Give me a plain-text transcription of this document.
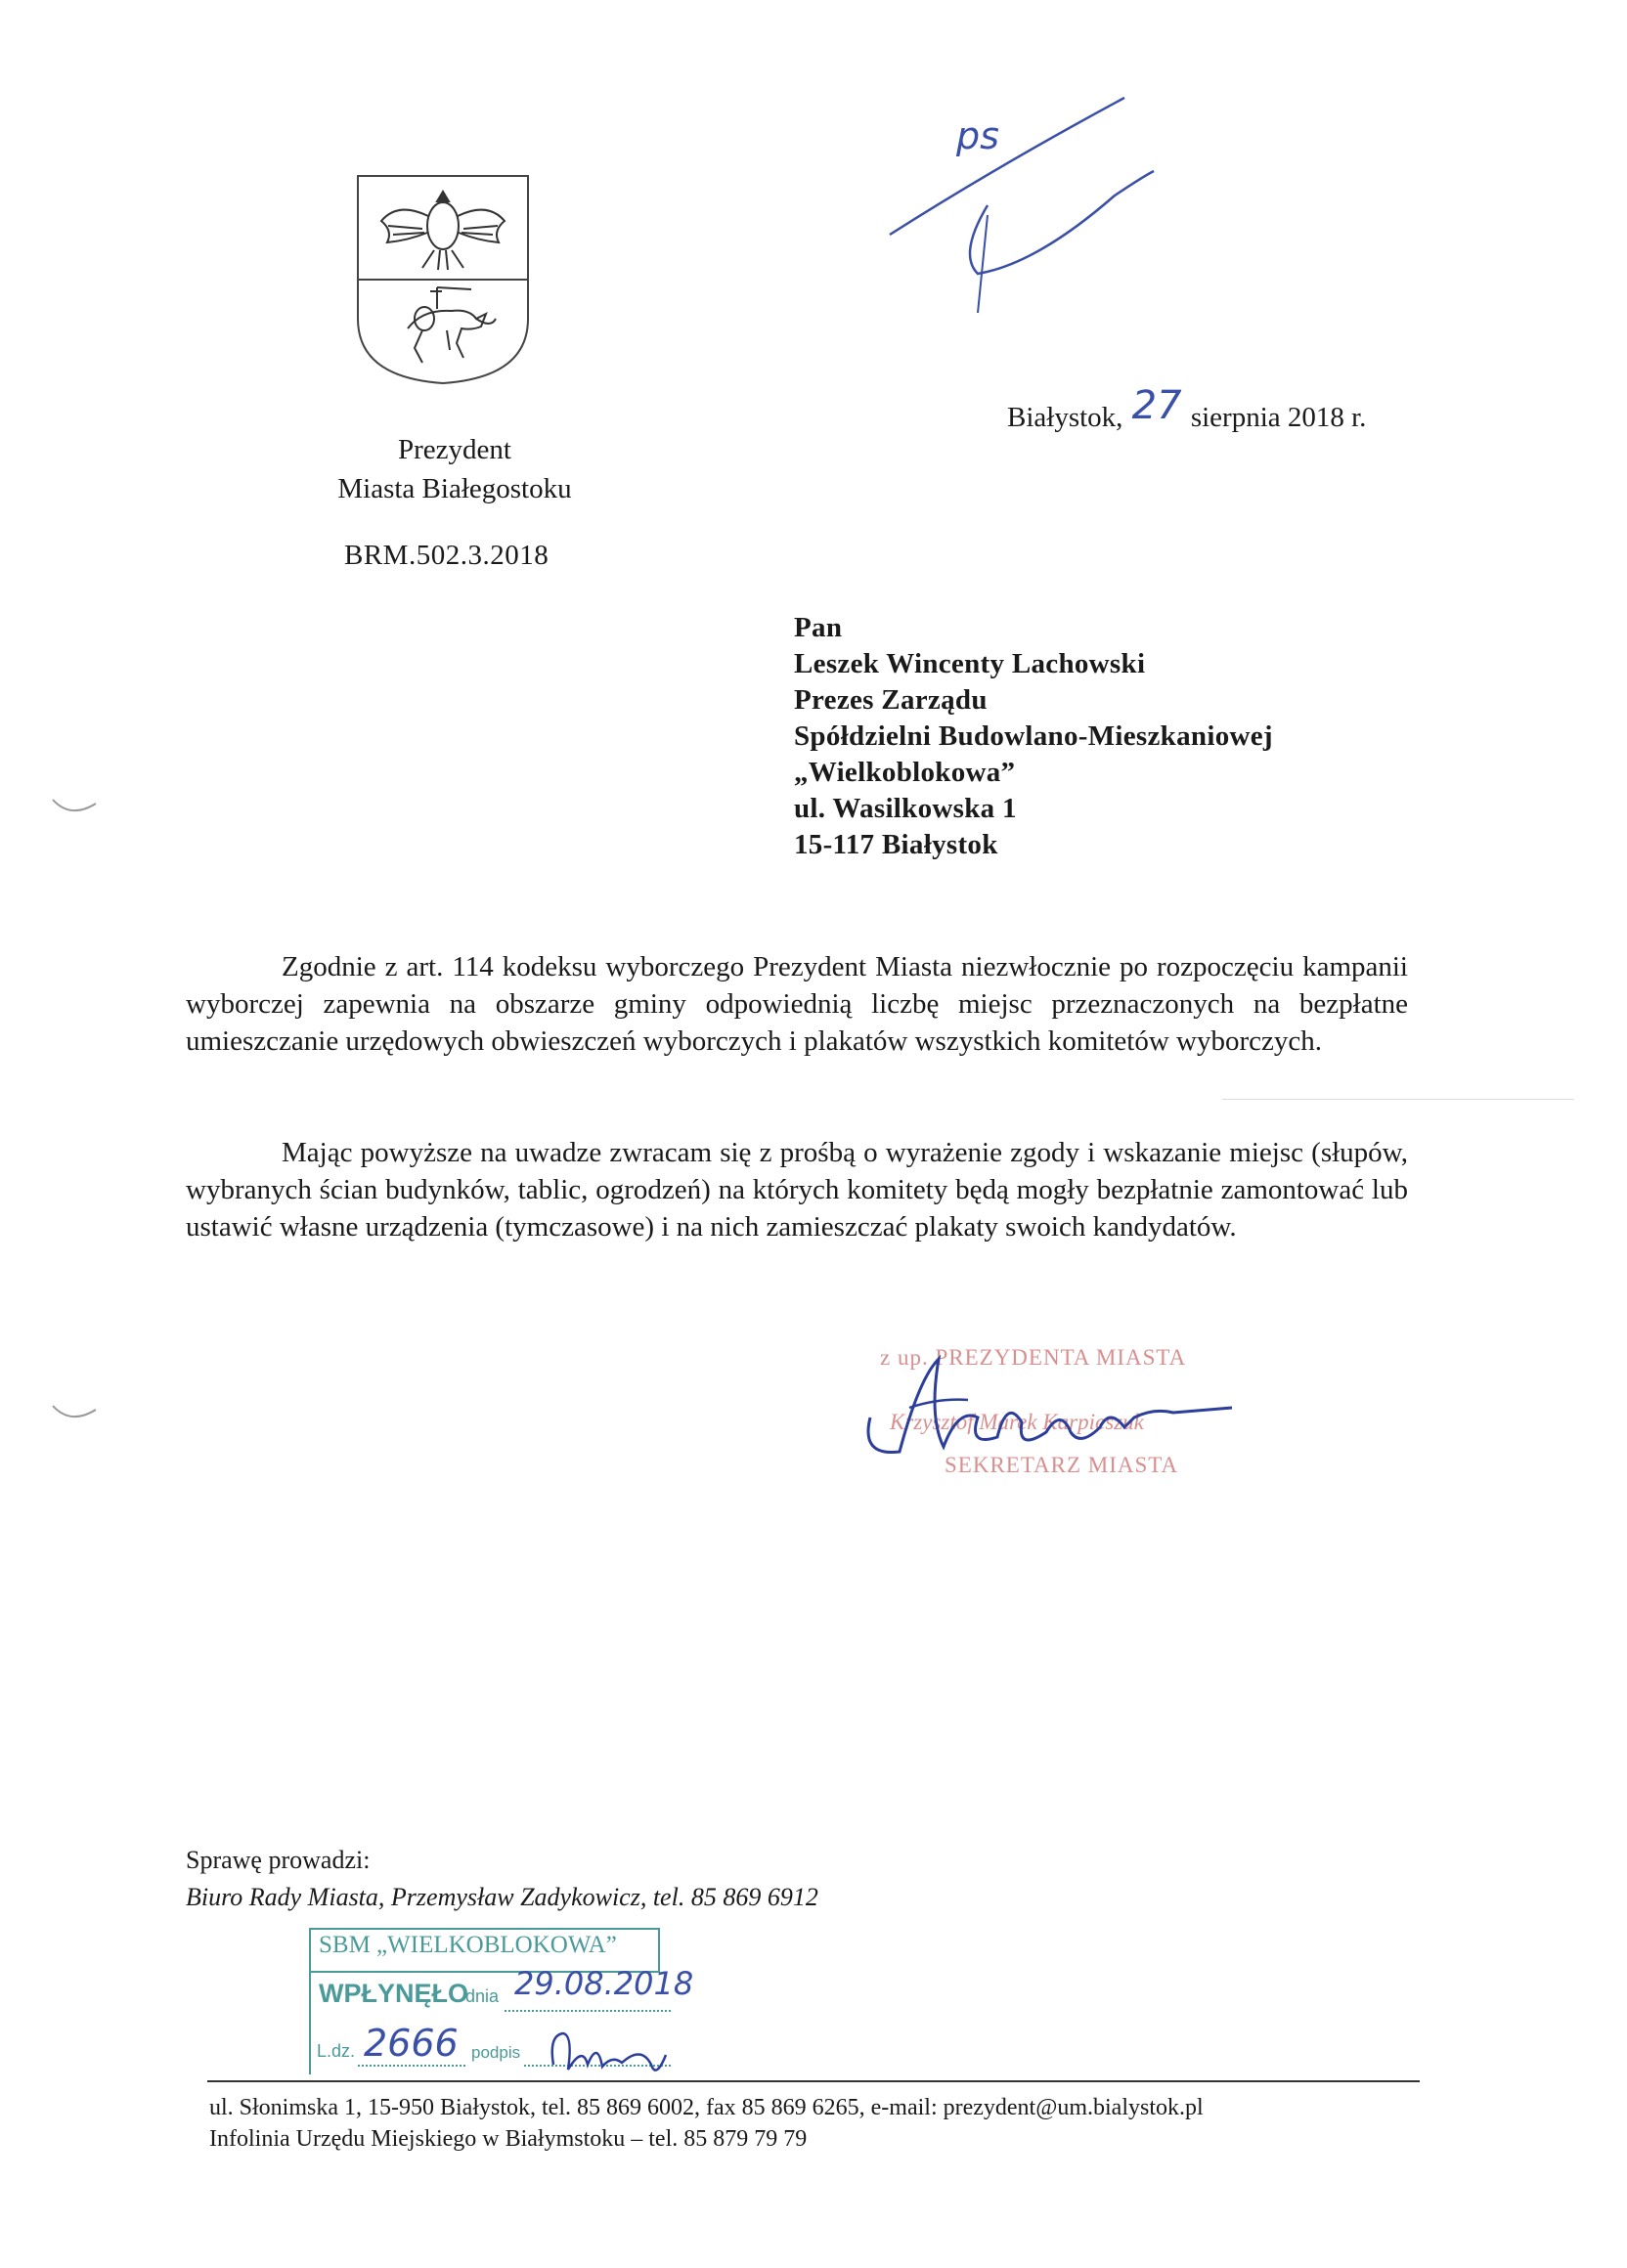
ps
Prezydent
Miasta Białegostoku
BRM.502.3.2018
Białystok, 27 sierpnia 2018 r.
Pan
Leszek Wincenty Lachowski
Prezes Zarządu
Spółdzielni Budowlano-Mieszkaniowej
„Wielkoblokowa”
ul. Wasilkowska 1
15-117 Białystok

Zgodnie z art. 114 kodeksu wyborczego Prezydent Miasta niezwłocznie po rozpoczęciu kampanii wyborczej zapewnia na obszarze gminy odpowiednią liczbę miejsc przeznaczonych na bezpłatne umieszczanie urzędowych obwieszczeń wyborczych i plakatów wszystkich komitetów wyborczych.

Mając powyższe na uwadze zwracam się z prośbą o wyrażenie zgody i wskazanie miejsc (słupów, wybranych ścian budynków, tablic, ogrodzeń) na których komitety będą mogły bezpłatnie zamontować lub ustawić własne urządzenia (tymczasowe) i na nich zamieszczać plakaty swoich kandydatów.

z up. PREZYDENTA MIASTA
Krzysztof Marek Karpieszuk
SEKRETARZ MIASTA
Sprawę prowadzi:
Biuro Rady Miasta, Przemysław Zadykowicz, tel. 85 869 6912
SBM „WIELKOBLOKOWA”
WPŁYNĘŁO
dnia 29.08.2018
L.dz. 2666 podpis
ul. Słonimska 1, 15-950 Białystok, tel. 85 869 6002, fax 85 869 6265, e-mail: prezydent@um.bialystok.pl
Infolinia Urzędu Miejskiego w Białymstoku – tel. 85 879 79 79
